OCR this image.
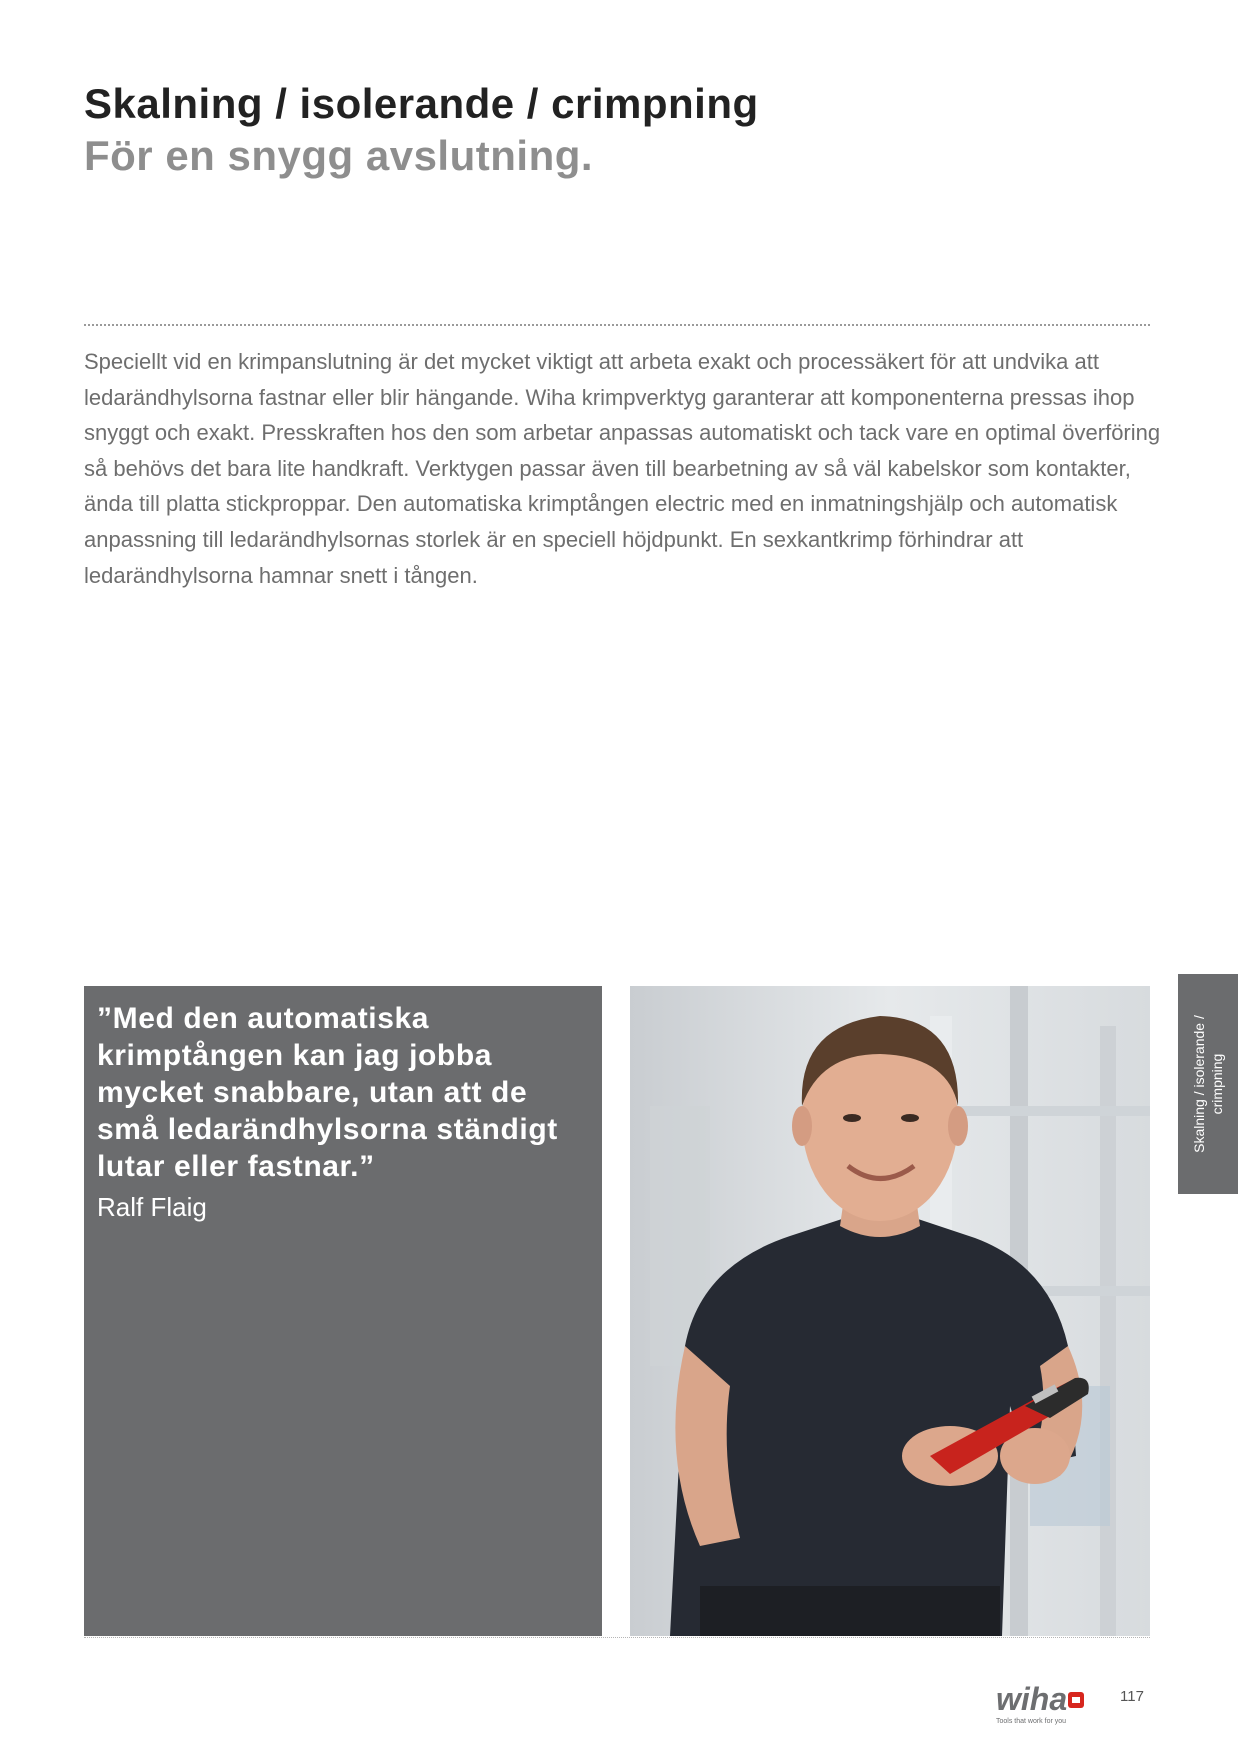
Skalning / isolerande / crimpning
För en snygg avslutning.

Speciellt vid en krimpanslutning är det mycket viktigt att arbeta exakt och processäkert för att undvika att ledarändhylsorna fastnar eller blir hängande. Wiha krimpverktyg garanterar att komponenterna pressas ihop snyggt och exakt. Presskraften hos den som arbetar anpassas automatiskt och tack vare en optimal överföring så behövs det bara lite handkraft. Verktygen passar även till bearbetning av så väl kabelskor som kontakter, ända till platta stickproppar. Den automatiska krimptången electric med en inmatningshjälp och automatisk anpassning till ledarändhylsornas storlek är en speciell höjdpunkt. En sexkantkrimp förhindrar att ledarändhylsorna hamnar snett i tången.

”Med den automatiska krimptången kan jag jobba mycket snabbare, utan att de små ledarändhylsorna ständigt lutar eller fastnar.”

Ralf Flaig

Skalning / isolerande / crimpning
wiha
Tools that work for you

117
